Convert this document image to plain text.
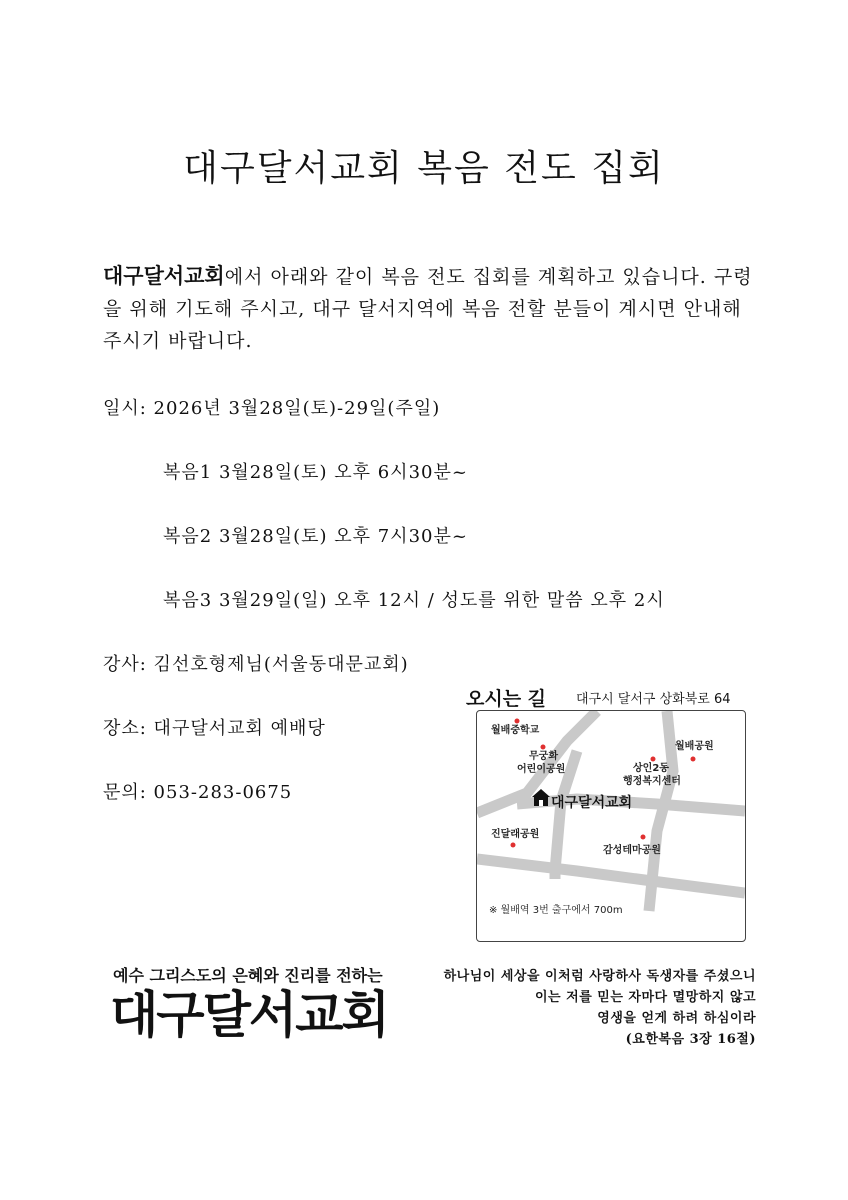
대구달서교회 복음 전도 집회
대구달서교회에서 아래와 같이 복음 전도 집회를 계획하고 있습니다. 구령을 위해 기도해 주시고, 대구 달서지역에 복음 전할 분들이 계시면 안내해 주시기 바랍니다.
일시: 2026년 3월28일(토)-29일(주일)
복음1 3월28일(토) 오후 6시30분~
복음2 3월28일(토) 오후 7시30분~
복음3 3월29일(일) 오후 12시 / 성도를 위한 말씀 오후 2시
강사: 김선호형제님(서울동대문교회)
장소: 대구달서교회 예배당
문의: 053-283-0675
오시는 길 대구시 달서구 상화북로 64
월배중학교
무궁화
어린이공원
월배공원
상인2동
행정복지센터
대구달서교회
진달래공원
감성테마공원
※ 월배역 3번 출구에서 700m
예수 그리스도의 은혜와 진리를 전하는
대구달서교회
하나님이 세상을 이처럼 사랑하사 독생자를 주셨으니
이는 저를 믿는 자마다 멸망하지 않고
영생을 얻게 하려 하심이라
(요한복음 3장 16절)
